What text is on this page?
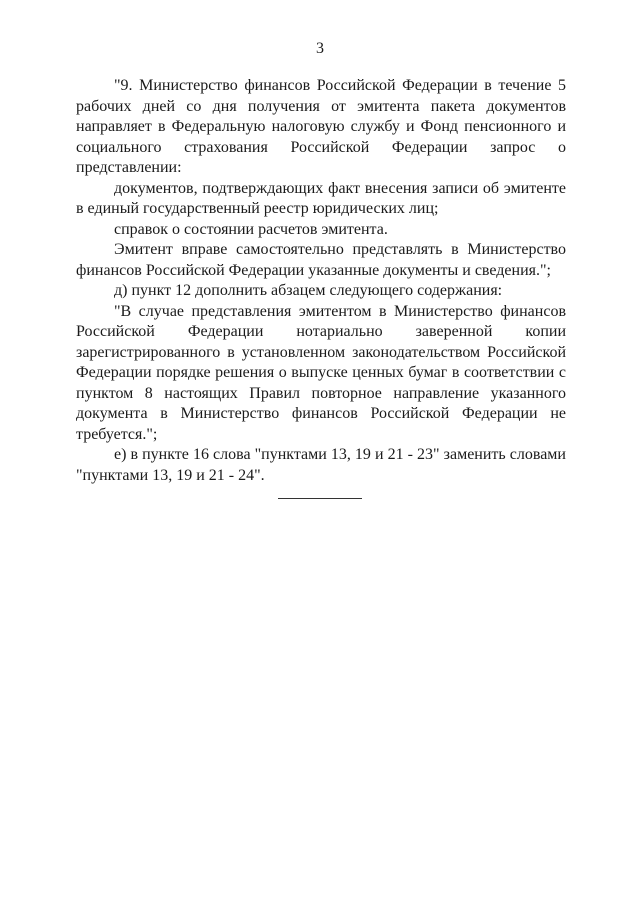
3

"9. Министерство финансов Российской Федерации в течение 5 рабочих дней со дня получения от эмитента пакета документов направляет в Федеральную налоговую службу и Фонд пенсионного и социального страхования Российской Федерации запрос о представлении:

документов, подтверждающих факт внесения записи об эмитенте в единый государственный реестр юридических лиц;

справок о состоянии расчетов эмитента.

Эмитент вправе самостоятельно представлять в Министерство финансов Российской Федерации указанные документы и сведения.";

д) пункт 12 дополнить абзацем следующего содержания:

"В случае представления эмитентом в Министерство финансов Российской Федерации нотариально заверенной копии зарегистрированного в установленном законодательством Российской Федерации порядке решения о выпуске ценных бумаг в соответствии с пунктом 8 настоящих Правил повторное направление указанного документа в Министерство финансов Российской Федерации не требуется.";

е) в пункте 16 слова "пунктами 13, 19 и 21 - 23" заменить словами "пунктами 13, 19 и 21 - 24".
